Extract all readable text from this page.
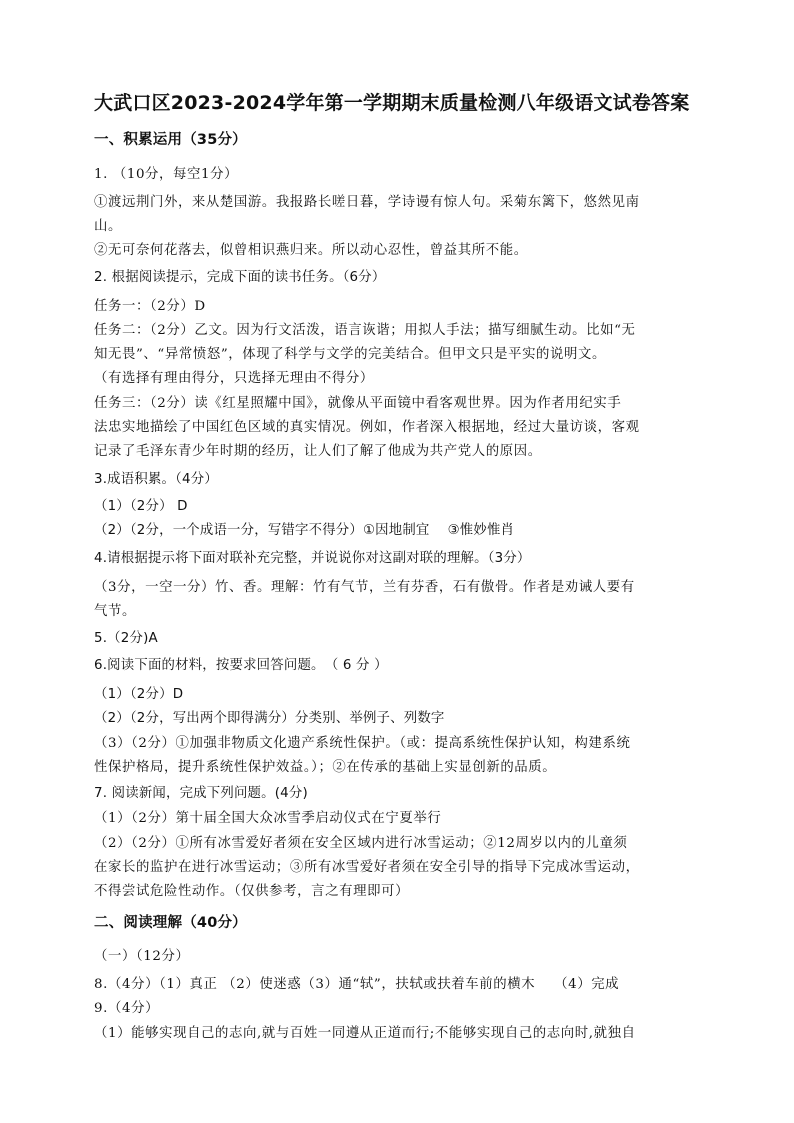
大武口区2023-2024学年第一学期期末质量检测八年级语文试卷答案
一、积累运用（35分）
1. （10分，每空1分）
①渡远荆门外，来从楚国游。我报路长嗟日暮，学诗谩有惊人句。采菊东篱下，悠然见南
山。
②无可奈何花落去，似曾相识燕归来。所以动心忍性，曾益其所不能。
2. 根据阅读提示，完成下面的读书任务。（6分）
任务一：（2分）D
任务二：（2分）乙文。因为行文活泼，语言诙谐；用拟人手法；描写细腻生动。比如“无
知无畏”、“异常愤怒”，体现了科学与文学的完美结合。但甲文只是平实的说明文。
（有选择有理由得分，只选择无理由不得分）
任务三：（2分）读《红星照耀中国》，就像从平面镜中看客观世界。因为作者用纪实手
法忠实地描绘了中国红色区域的真实情况。例如，作者深入根据地，经过大量访谈，客观
记录了毛泽东青少年时期的经历，让人们了解了他成为共产党人的原因。
3.成语积累。（4分）
（1）（2分） D
（2）（2分，一个成语一分，写错字不得分）①因地制宜　 ③惟妙惟肖
4.请根据提示将下面对联补充完整，并说说你对这副对联的理解。（3分）
（3分，一空一分）竹、香。理解：竹有气节，兰有芬香，石有傲骨。作者是劝诫人要有
气节。
5.（2分)A
6.阅读下面的材料，按要求回答问题。　（ 6 分 ）
（1）（2分）D
（2）（2分，写出两个即得满分）分类别、举例子、列数字
（3）（2分）①加强非物质文化遗产系统性保护。（或：提高系统性保护认知，构建系统
性保护格局，提升系统性保护效益。）；②在传承的基础上实显创新的品质。
7. 阅读新闻，完成下列问题。(4分)
（1）（2分）第十届全国大众冰雪季启动仪式在宁夏举行
（2）（2分）①所有冰雪爱好者须在安全区域内进行冰雪运动；②12周岁以内的儿童须
在家长的监护在进行冰雪运动；③所有冰雪爱好者须在安全引导的指导下完成冰雪运动，
不得尝试危险性动作。（仅供参考，言之有理即可）
二、阅读理解（40分）
（一）（12分）
8.（4分）（1）真正 （2）使迷惑（3）通“轼”，扶轼或扶着车前的横木　 （4）完成
9.（4分）
（1）能够实现自己的志向,就与百姓一同遵从正道而行;不能够实现自己的志向时,就独自
